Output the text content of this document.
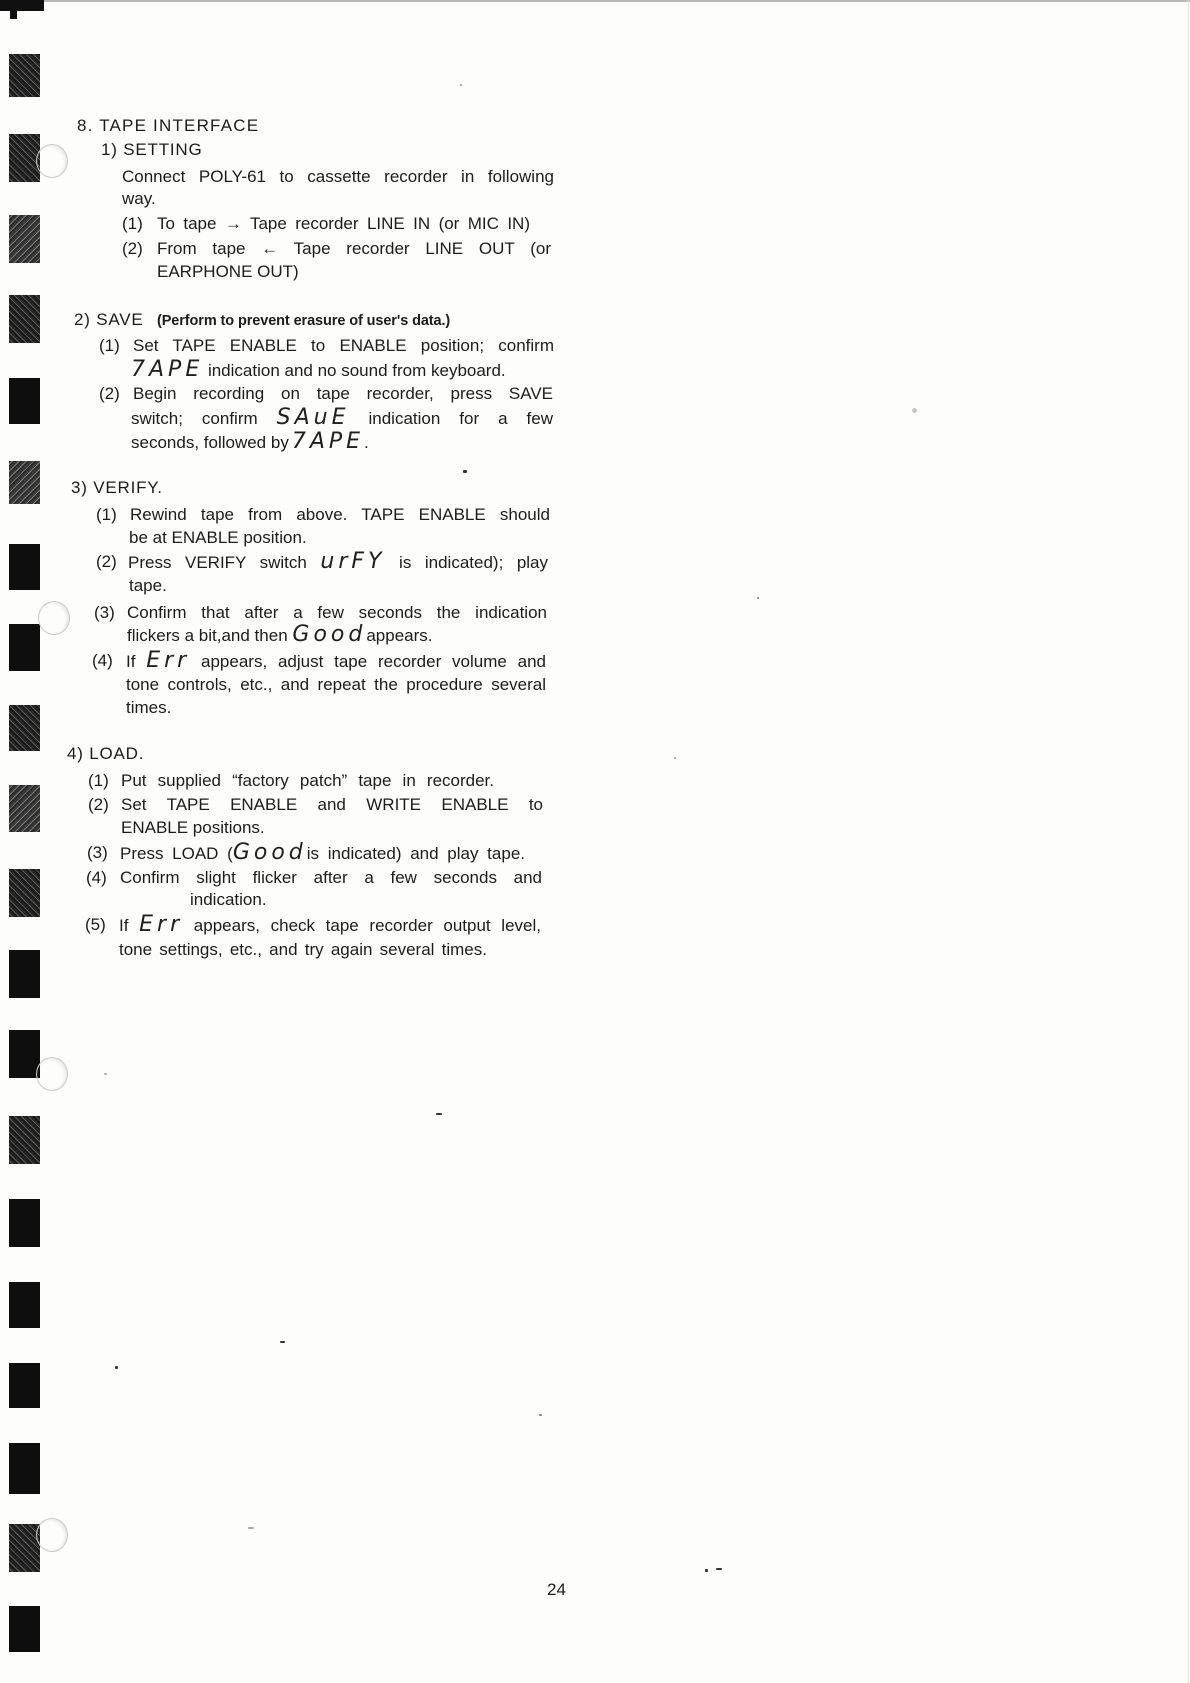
8. TAPE INTERFACE
1) SETTING
Connect POLY-61 to cassette recorder in following
way.
(1) To tape → Tape recorder LINE IN (or MIC IN)
(2) From tape ← Tape recorder LINE OUT (or
EARPHONE OUT)
2) SAVE (Perform to prevent erasure of user's data.)
(1) Set TAPE ENABLE to ENABLE position; confirm
7APE indication and no sound from keyboard.
(2) Begin recording on tape recorder, press SAVE
switch; confirm SAuE indication for a few
seconds, followed by 7APE.
3) VERIFY.
(1) Rewind tape from above. TAPE ENABLE should
be at ENABLE position.
(2) Press VERIFY switch urFY is indicated); play
tape.
(3) Confirm that after a few seconds the indication
flickers a bit,and then Goodappears.
(4) If Err appears, adjust tape recorder volume and
tone controls, etc., and repeat the procedure several
times.
4) LOAD.
(1) Put supplied “factory patch” tape in recorder.
(2) Set TAPE ENABLE and WRITE ENABLE to
ENABLE positions.
(3) Press LOAD (Goodis indicated) and play tape.
(4) Confirm slight flicker after a few seconds and
indication.
(5) If Err appears, check tape recorder output level,
tone settings, etc., and try again several times.
24
